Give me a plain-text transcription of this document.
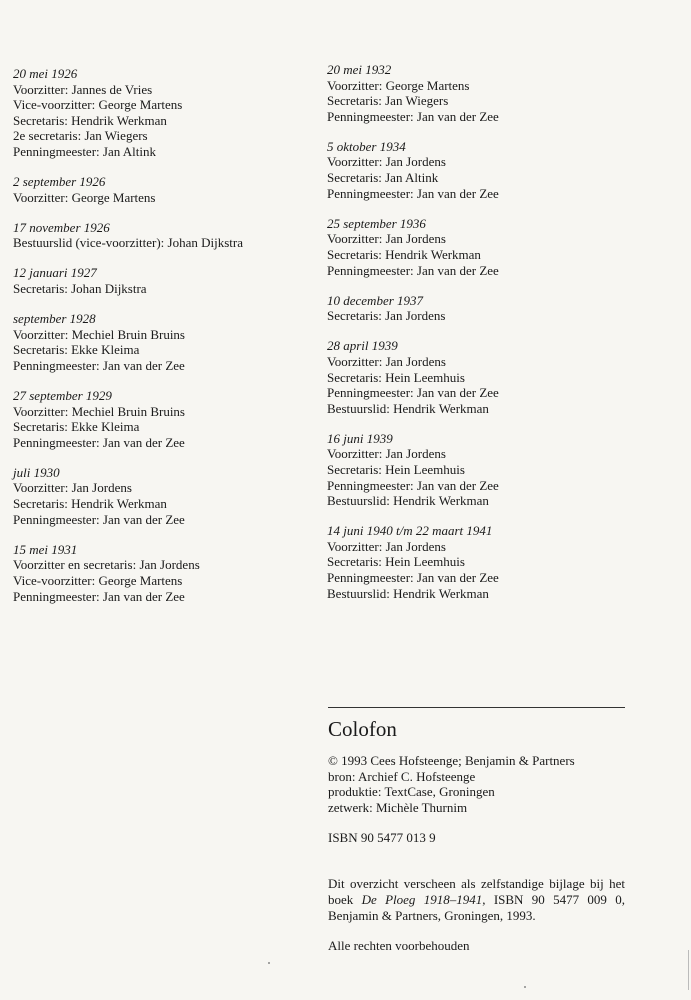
20 mei 1926
Voorzitter: Jannes de Vries
Vice-voorzitter: George Martens
Secretaris: Hendrik Werkman
2e secretaris: Jan Wiegers
Penningmeester: Jan Altink
2 september 1926
Voorzitter: George Martens
17 november 1926
Bestuurslid (vice-voorzitter): Johan Dijkstra
12 januari 1927
Secretaris: Johan Dijkstra
september 1928
Voorzitter: Mechiel Bruin Bruins
Secretaris: Ekke Kleima
Penningmeester: Jan van der Zee
27 september 1929
Voorzitter: Mechiel Bruin Bruins
Secretaris: Ekke Kleima
Penningmeester: Jan van der Zee
juli 1930
Voorzitter: Jan Jordens
Secretaris: Hendrik Werkman
Penningmeester: Jan van der Zee
15 mei 1931
Voorzitter en secretaris: Jan Jordens
Vice-voorzitter: George Martens
Penningmeester: Jan van der Zee
20 mei 1932
Voorzitter: George Martens
Secretaris: Jan Wiegers
Penningmeester: Jan van der Zee
5 oktober 1934
Voorzitter: Jan Jordens
Secretaris: Jan Altink
Penningmeester: Jan van der Zee
25 september 1936
Voorzitter: Jan Jordens
Secretaris: Hendrik Werkman
Penningmeester: Jan van der Zee
10 december 1937
Secretaris: Jan Jordens
28 april 1939
Voorzitter: Jan Jordens
Secretaris: Hein Leemhuis
Penningmeester: Jan van der Zee
Bestuurslid: Hendrik Werkman
16 juni 1939
Voorzitter: Jan Jordens
Secretaris: Hein Leemhuis
Penningmeester: Jan van der Zee
Bestuurslid: Hendrik Werkman
14 juni 1940 t/m 22 maart 1941
Voorzitter: Jan Jordens
Secretaris: Hein Leemhuis
Penningmeester: Jan van der Zee
Bestuurslid: Hendrik Werkman
Colofon
© 1993 Cees Hofsteenge; Benjamin & Partners
bron: Archief C. Hofsteenge
produktie: TextCase, Groningen
zetwerk: Michèle Thurnim
ISBN 90 5477 013 9
Dit overzicht verscheen als zelfstandige bijlage bij het boek De Ploeg 1918–1941, ISBN 90 5477 009 0, Benjamin & Partners, Groningen, 1993.
Alle rechten voorbehouden
